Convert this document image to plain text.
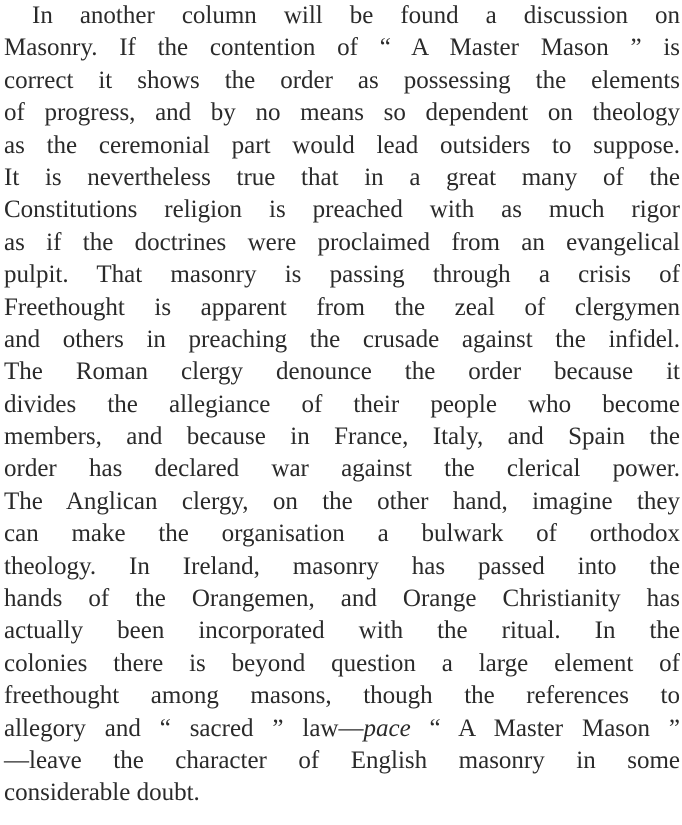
In another column will be found a discussion on
Masonry. If the contention of “ A Master Mason ” is
correct it shows the order as possessing the elements
of progress, and by no means so dependent on theology
as the ceremonial part would lead outsiders to suppose.
It is nevertheless true that in a great many of the
Constitutions religion is preached with as much rigor
as if the doctrines were proclaimed from an evangelical
pulpit. That masonry is passing through a crisis of
Freethought is apparent from the zeal of clergymen
and others in preaching the crusade against the infidel.
The Roman clergy denounce the order because it
divides the allegiance of their people who become
members, and because in France, Italy, and Spain the
order has declared war against the clerical power.
The Anglican clergy, on the other hand, imagine they
can make the organisation a bulwark of orthodox
theology. In Ireland, masonry has passed into the
hands of the Orangemen, and Orange Christianity has
actually been incorporated with the ritual. In the
colonies there is beyond question a large element of
freethought among masons, though the references to
allegory and “ sacred ” law—pace “ A Master Mason ”
—leave the character of English masonry in some
considerable doubt.
